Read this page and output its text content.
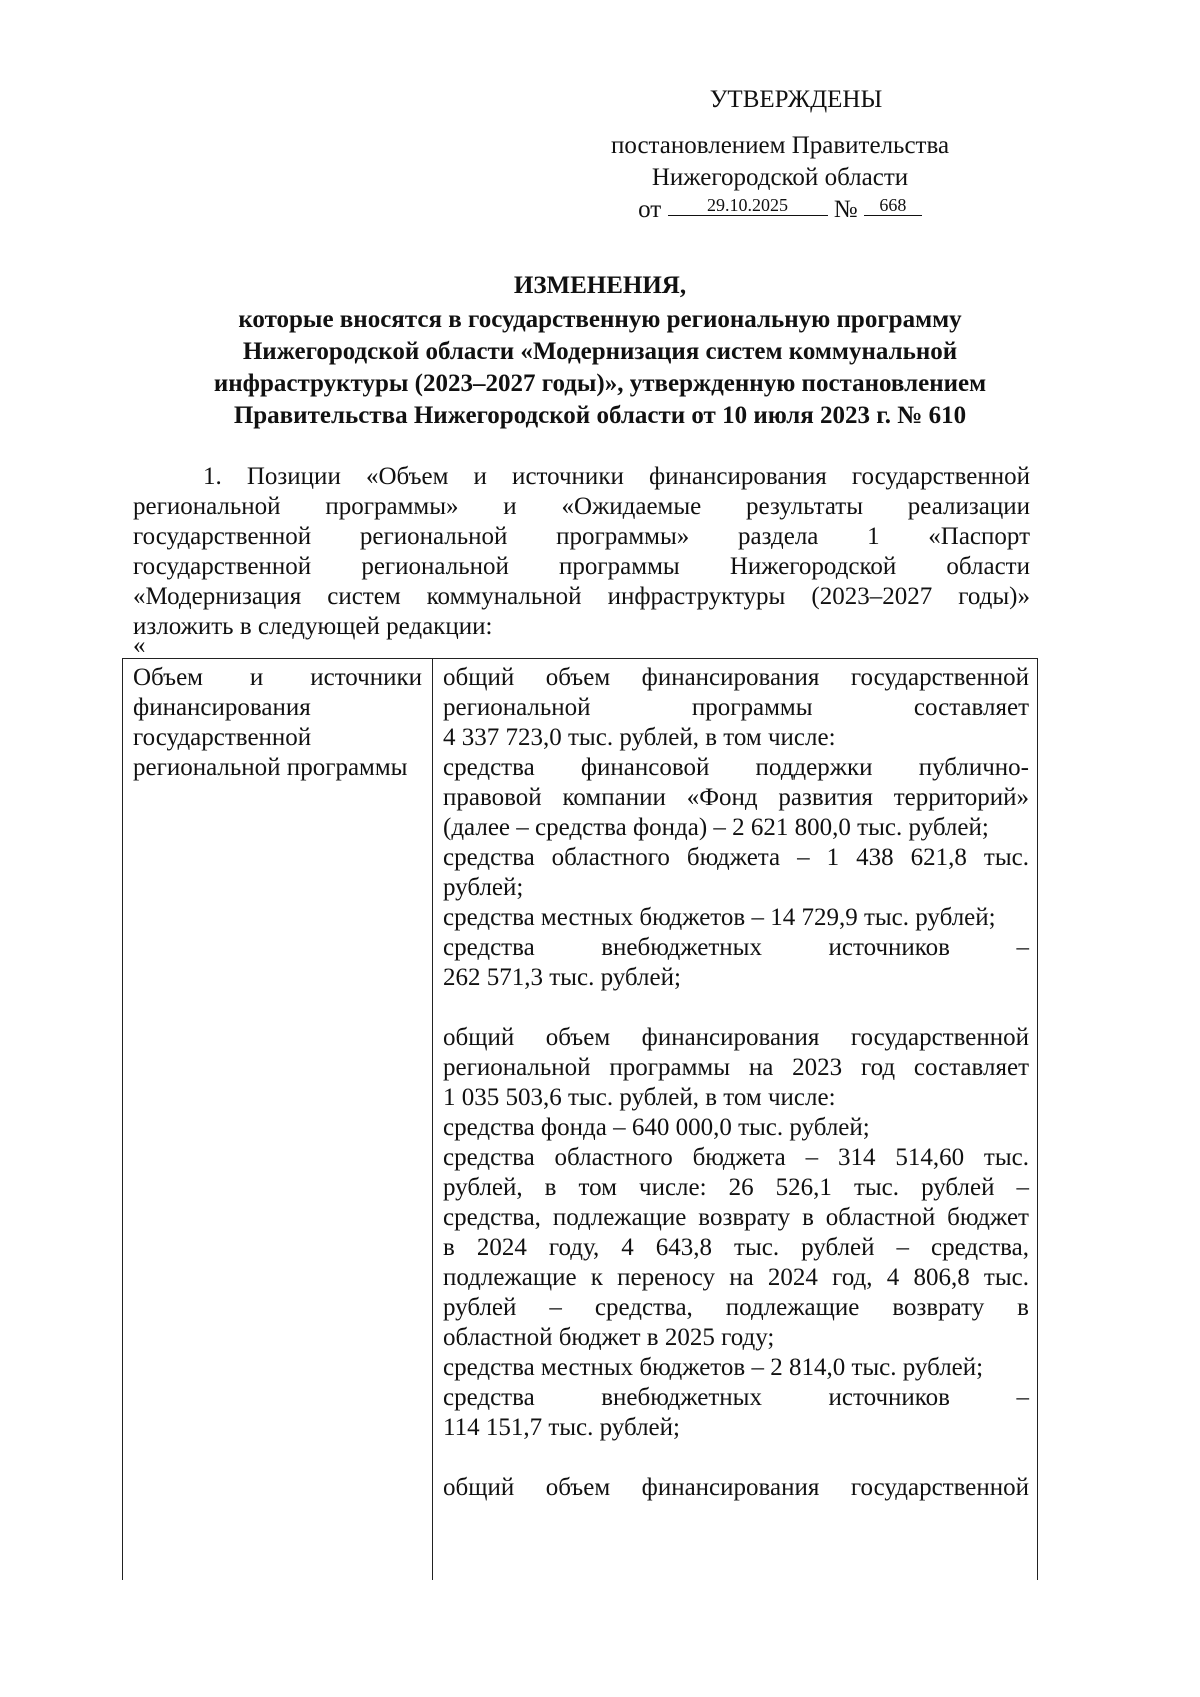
УТВЕРЖДЕНЫ
постановлением Правительства
Нижегородской области
от	29.10.2025 № 668
ИЗМЕНЕНИЯ,
которые вносятся в государственную региональную программу
Нижегородской области «Модернизация систем коммунальной
инфраструктуры (2023–2027 годы)», утвержденную постановлением
Правительства Нижегородской области от 10 июля 2023 г. № 610
1. Позиции «Объем и источники финансирования государственной
региональной программы» и «Ожидаемые результаты реализации
государственной региональной программы» раздела 1 «Паспорт
государственной региональной программы Нижегородской области
«Модернизация систем коммунальной инфраструктуры (2023–2027 годы)»
изложить в следующей редакции:
«
Объем и источники
финансирования
государственной
региональной программы
общий объем финансирования государственной
региональной программы составляет
4 337 723,0 тыс. рублей, в том числе:
средства финансовой поддержки публично-
правовой компании «Фонд развития территорий»
(далее – средства фонда) – 2 621 800,0 тыс. рублей;
средства областного бюджета – 1 438 621,8 тыс.
рублей;
средства местных бюджетов – 14 729,9 тыс. рублей;
средства внебюджетных источников –
262 571,3 тыс. рублей;
общий объем финансирования государственной
региональной программы на 2023 год составляет
1 035 503,6 тыс. рублей, в том числе:
средства фонда – 640 000,0 тыс. рублей;
средства областного бюджета – 314 514,60 тыс.
рублей, в том числе: 26 526,1 тыс. рублей –
средства, подлежащие возврату в областной бюджет
в 2024 году, 4 643,8 тыс. рублей – средства,
подлежащие к переносу на 2024 год, 4 806,8 тыс.
рублей – средства, подлежащие возврату в
областной бюджет в 2025 году;
средства местных бюджетов – 2 814,0 тыс. рублей;
средства внебюджетных источников –
114 151,7 тыс. рублей;
общий объем финансирования государственной
